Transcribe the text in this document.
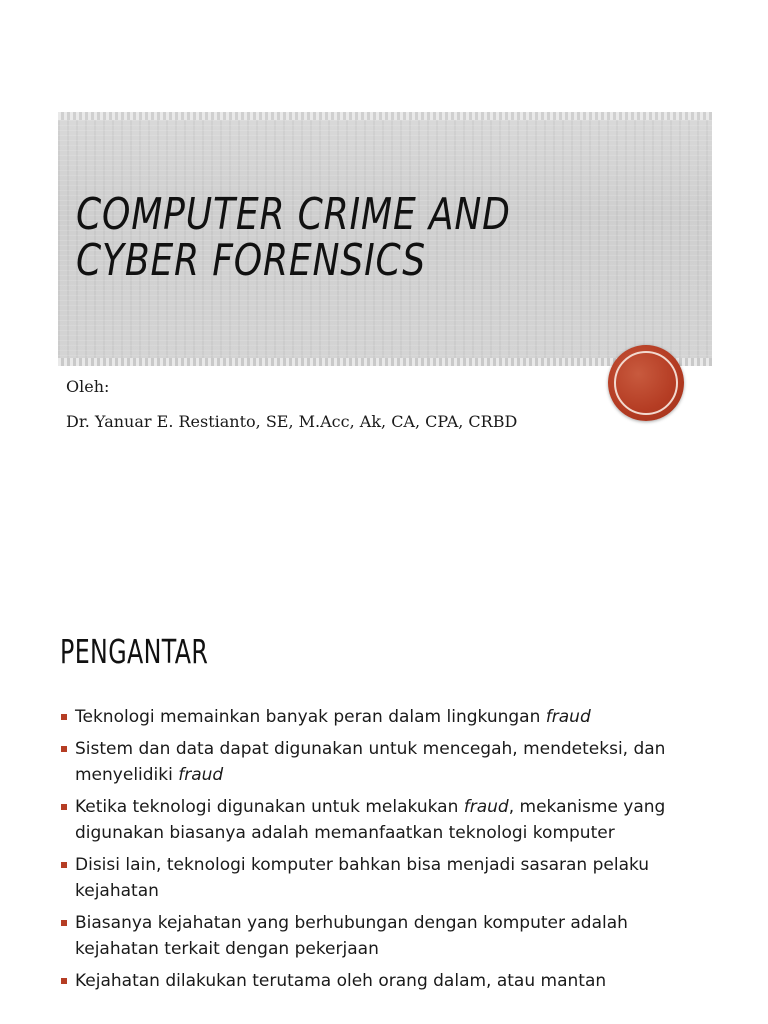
COMPUTER CRIME AND CYBER FORENSICS

Oleh:

Dr. Yanuar E. Restianto, SE, M.Acc, Ak, CA, CPA, CRBD

PENGANTAR
Teknologi memainkan banyak peran dalam lingkungan fraud
Sistem dan data dapat digunakan untuk mencegah, mendeteksi, dan menyelidiki fraud
Ketika teknologi digunakan untuk melakukan fraud, mekanisme yang digunakan biasanya adalah memanfaatkan teknologi komputer
Disisi lain, teknologi komputer bahkan bisa menjadi sasaran pelaku kejahatan
Biasanya kejahatan yang berhubungan dengan komputer adalah kejahatan terkait dengan pekerjaan
Kejahatan dilakukan terutama oleh orang dalam, atau mantan
